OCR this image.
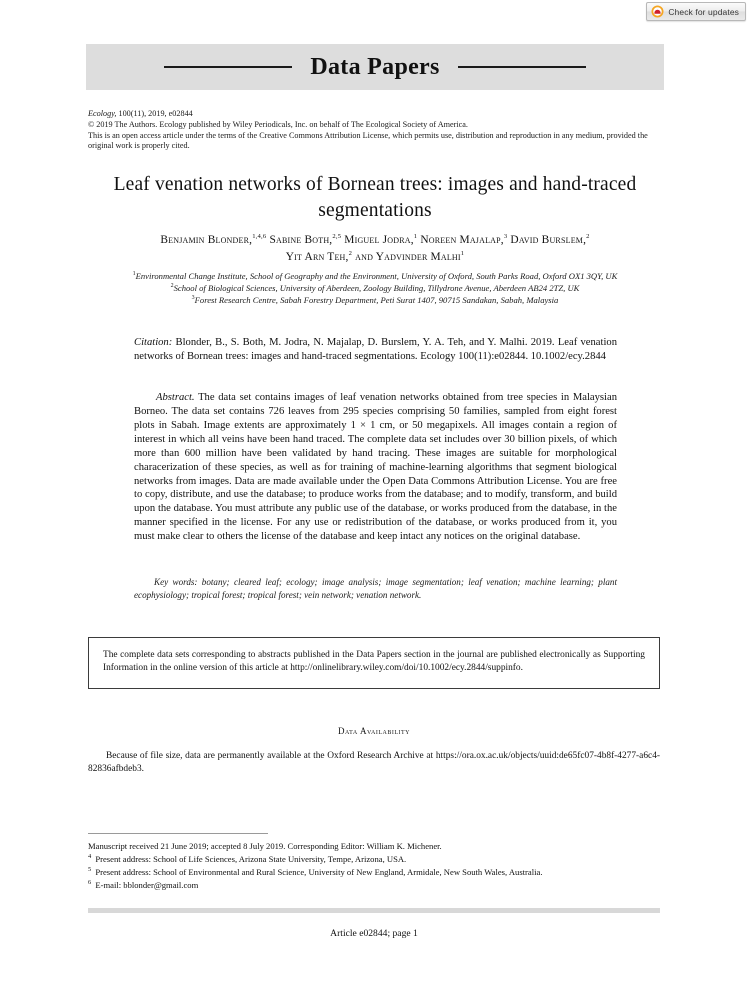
Check for updates
Data Papers
Ecology, 100(11), 2019, e02844
© 2019 The Authors. Ecology published by Wiley Periodicals, Inc. on behalf of The Ecological Society of America.
This is an open access article under the terms of the Creative Commons Attribution License, which permits use, distribution and reproduction in any medium, provided the original work is properly cited.
Leaf venation networks of Bornean trees: images and hand-traced segmentations
Benjamin Blonder,$^{1,4,6}$ Sabine Both,$^{2,5}$ Miguel Jodra,$^1$ Noreen Majalap,$^3$ David Burslem,$^2$
Yit Arn Teh,$^2$ and Yadvinder Malhi$^1$
$^1$Environmental Change Institute, School of Geography and the Environment, University of Oxford, South Parks Road, Oxford OX1 3QY, UK
$^2$School of Biological Sciences, University of Aberdeen, Zoology Building, Tillydrone Avenue, Aberdeen AB24 2TZ, UK
$^3$Forest Research Centre, Sabah Forestry Department, Peti Surat 1407, 90715 Sandakan, Sabah, Malaysia
Citation: Blonder, B., S. Both, M. Jodra, N. Majalap, D. Burslem, Y. A. Teh, and Y. Malhi. 2019. Leaf venation networks of Bornean trees: images and hand-traced segmentations. Ecology 100(11):e02844. 10.1002/ecy.2844
Abstract. The data set contains images of leaf venation networks obtained from tree species in Malaysian Borneo. The data set contains 726 leaves from 295 species comprising 50 families, sampled from eight forest plots in Sabah. Image extents are approximately 1 × 1 cm, or 50 megapixels. All images contain a region of interest in which all veins have been hand traced. The complete data set includes over 30 billion pixels, of which more than 600 million have been validated by hand tracing. These images are suitable for morphological characerization of these species, as well as for training of machine-learning algorithms that segment biological networks from images. Data are made available under the Open Data Commons Attribution License. You are free to copy, distribute, and use the database; to produce works from the database; and to modify, transform, and build upon the database. You must attribute any public use of the database, or works produced from the database, in the manner specified in the license. For any use or redistribution of the database, or works produced from it, you must make clear to others the license of the database and keep intact any notices on the original database.
Key words: botany; cleared leaf; ecology; image analysis; image segmentation; leaf venation; machine learning; plant ecophysiology; tropical forest; tropical forest; vein network; venation network.

The complete data sets corresponding to abstracts published in the Data Papers section in the journal are published electronically as Supporting Information in the online version of this article at http://onlinelibrary.wiley.com/doi/10.1002/ecy.2844/suppinfo.

Data Availability
Because of file size, data are permanently available at the Oxford Research Archive at https://ora.ox.ac.uk/objects/uuid:de65fc07-4b8f-4277-a6c4-82836afbdeb3.
Manuscript received 21 June 2019; accepted 8 July 2019. Corresponding Editor: William K. Michener.
$^4$ Present address: School of Life Sciences, Arizona State University, Tempe, Arizona, USA.
$^5$ Present address: School of Environmental and Rural Science, University of New England, Armidale, New South Wales, Australia.
$^6$ E-mail: bblonder@gmail.com
Article e02844; page 1
